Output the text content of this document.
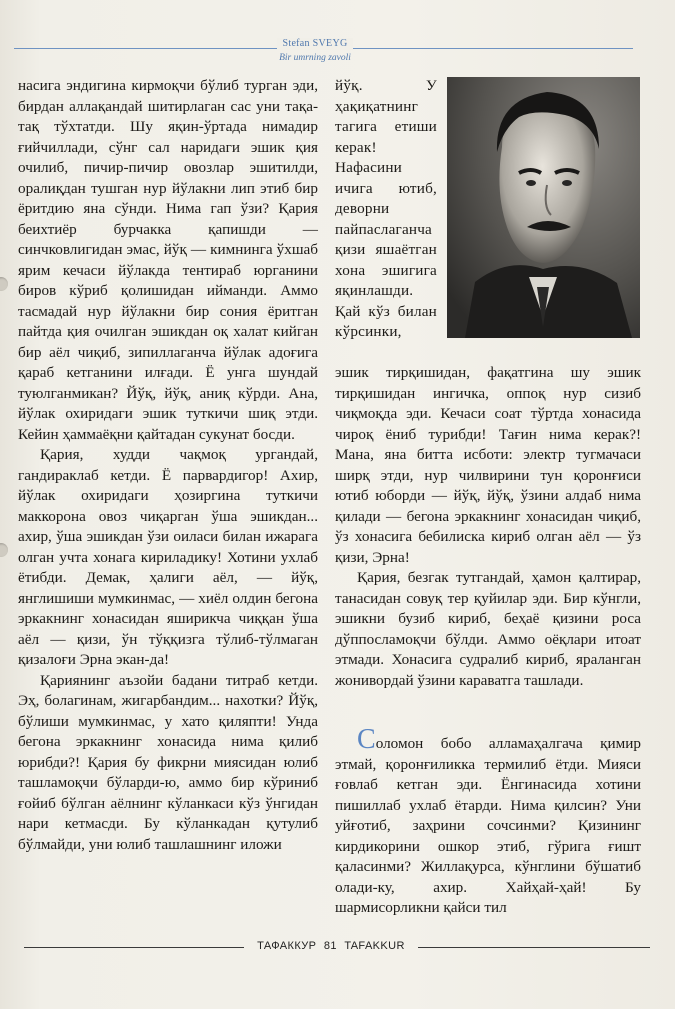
Stefan SVEYG
Bir umrning zavoli

насига эндигина кирмоқчи бўлиб турган эди, бирдан аллақандай шитирлаган сас уни тақа-тақ тўхтатди. Шу яқин-ўртада нимадир ғийчиллади, сўнг сал наридаги эшик қия очилиб, пичир-пичир овозлар эшитилди, оралиқдан тушган нур йўлакни лип этиб бир ёритдию яна сўнди. Нима гап ўзи? Қария беихтиёр бурчакка қапишди — синчковлигидан эмас, йўқ — кимнинга ўхшаб ярим кечаси йўлакда тентираб юрганини биров кўриб қолишидан ийманди. Аммо тасмадай нур йўлакни бир сония ёритган пайтда қия очилган эшикдан оқ халат кийган бир аёл чиқиб, зипиллаганча йўлак адоғига қараб кетганини илғади. Ё унга шундай туюлганмикан? Йўқ, йўқ, аниқ кўрди. Ана, йўлак охиридаги эшик туткичи шиқ этди. Кейин ҳаммаёқни қайтадан сукунат босди.

Қария, худди чақмоқ ургандай, гандираклаб кетди. Ё парвардигор! Ахир, йўлак охиридаги ҳозиргина туткичи маккорона овоз чиқарган ўша эшикдан... ахир, ўша эшикдан ўзи оиласи билан ижарага олган учта хонага кириладику! Хотини ухлаб ётибди. Демак, ҳалиги аёл, — йўқ, янглишиши мумкинмас, — хиёл олдин бегона эркакнинг хонасидан яширикча чиққан ўша аёл — қизи, ўн тўққизга тўлиб-тўлмаган қизалоғи Эрна экан-да!

Қариянинг аъзойи бадани титраб кетди. Эҳ, болагинам, жигарбандим... нахотки? Йўқ, бўлиши мумкинмас, у хато қиляпти! Унда бегона эркакнинг хонасида нима қилиб юрибди?! Қария бу фикрни миясидан юлиб ташламоқчи бўларди-ю, аммо бир кўриниб ғойиб бўлган аёлнинг кўланкаси кўз ўнгидан нари кетмасди. Бу кўланкадан қутулиб бўлмайди, уни юлиб ташлашнинг иложи

йўқ. У ҳақиқатнинг тагига етиши керак! Нафасини ичига ютиб, деворни пайпаслаганча қизи яшаётган хона эшигига яқинлашди. Қай кўз билан кўрсинки,

эшик тирқишидан, фақатгина шу эшик тирқишидан ингичка, оппоқ нур сизиб чиқмоқда эди. Кечаси соат тўртда хонасида чироқ ёниб турибди! Тағин нима керак?! Мана, яна битта исботи: электр тугмачаси ширқ этди, нур чилвирини тун қоронғиси ютиб юборди — йўқ, йўқ, ўзини алдаб нима қилади — бегона эркакнинг хонасидан чиқиб, ўз хонасига бебилиска кириб олган аёл — ўз қизи, Эрна!

Қария, безгак тутгандай, ҳамон қалтирар, танасидан совуқ тер қуйилар эди. Бир кўнгли, эшикни бузиб кириб, беҳаё қизини роса дўппосламоқчи бўлди. Аммо оёқлари итоат этмади. Хонасига судралиб кириб, яраланган жонивордай ўзини караватга ташлади.

Соломон бобо алламаҳалгача қимир этмай, қоронғиликка термилиб ётди. Мияси ғовлаб кетган эди. Ёнгинасида хотини пишиллаб ухлаб ётарди. Нима қилсин? Уни уйғотиб, заҳрини сочсинми? Қизининг кирдикорини ошкор этиб, гўрига ғишт қаласинми? Жиллақурса, кўнглини бўшатиб олади-ку, ахир. Хайҳай-ҳай! Бу шармисорликни қайси тил

ТАФАККУР 81 TAFAKKUR
